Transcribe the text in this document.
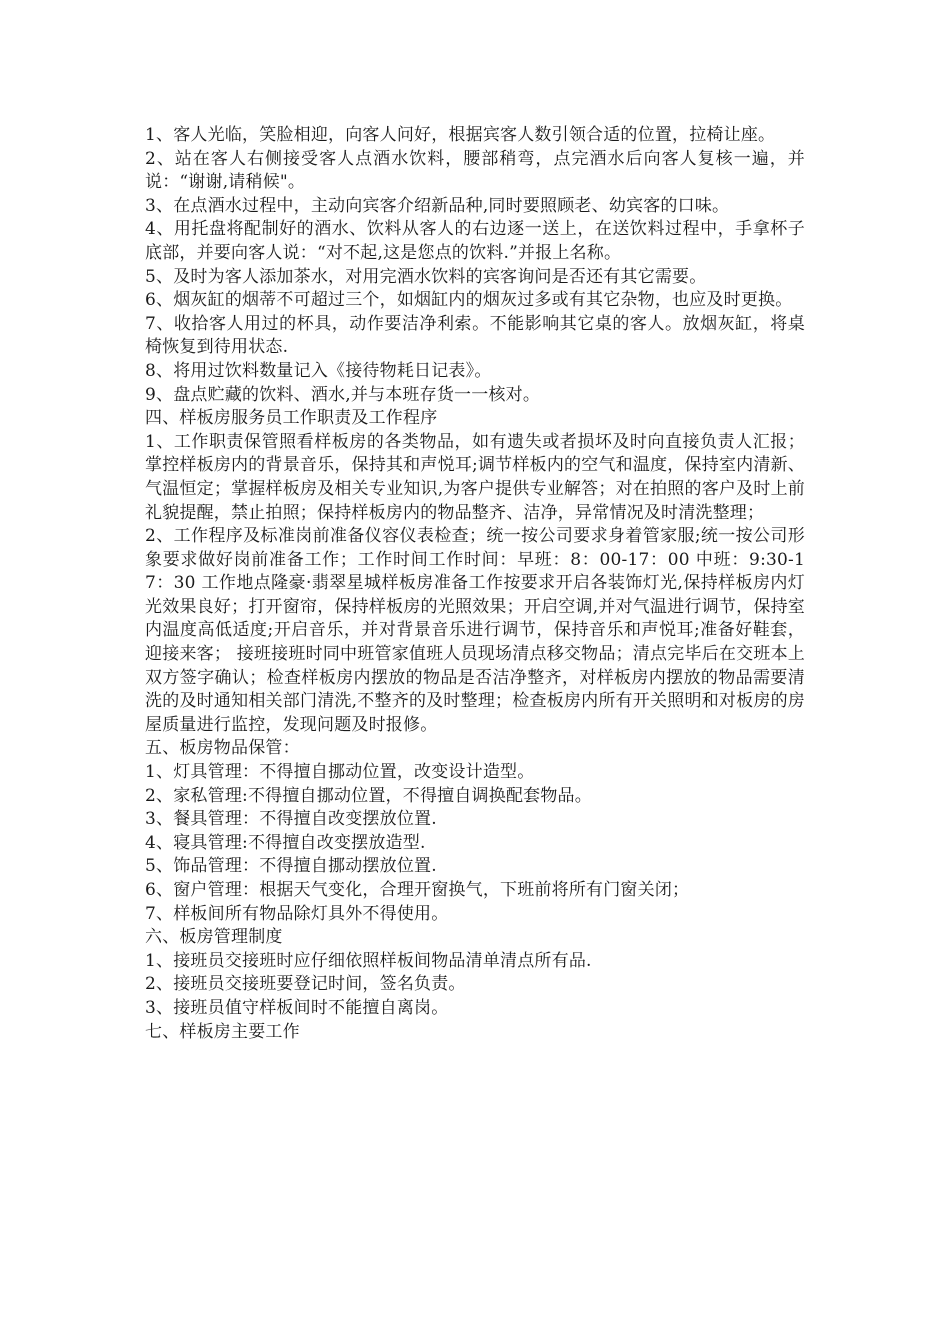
1、客人光临，笑脸相迎，向客人问好，根据宾客人数引领合适的位置，拉椅让座。

2、站在客人右侧接受客人点酒水饮料，腰部稍弯，点完酒水后向客人复核一遍，并说：“谢谢,请稍候"。

3、在点酒水过程中，主动向宾客介绍新品种,同时要照顾老、幼宾客的口味。

4、用托盘将配制好的酒水、饮料从客人的右边逐一送上，在送饮料过程中，手拿杯子底部，并要向客人说：“对不起,这是您点的饮料.”并报上名称。

5、及时为客人添加茶水，对用完酒水饮料的宾客询问是否还有其它需要。

6、烟灰缸的烟蒂不可超过三个，如烟缸内的烟灰过多或有其它杂物，也应及时更换。

7、收拾客人用过的杯具，动作要洁净利索。不能影响其它桌的客人。放烟灰缸，将桌椅恢复到待用状态.

8、将用过饮料数量记入《接待物耗日记表》。

9、盘点贮藏的饮料、酒水,并与本班存货一一核对。

四、样板房服务员工作职责及工作程序

1、工作职责保管照看样板房的各类物品，如有遗失或者损坏及时向直接负责人汇报；掌控样板房内的背景音乐，保持其和声悦耳;调节样板内的空气和温度，保持室内清新、气温恒定；掌握样板房及相关专业知识,为客户提供专业解答；对在拍照的客户及时上前礼貌提醒，禁止拍照；保持样板房内的物品整齐、洁净，异常情况及时清洗整理；

2、工作程序及标准岗前准备仪容仪表检查；统一按公司要求身着管家服;统一按公司形象要求做好岗前准备工作；工作时间工作时间：早班：8：00-17：00 中班：9:30-17：30 工作地点隆豪·翡翠星城样板房准备工作按要求开启各装饰灯光,保持样板房内灯光效果良好；打开窗帘，保持样板房的光照效果；开启空调,并对气温进行调节，保持室内温度高低适度;开启音乐，并对背景音乐进行调节，保持音乐和声悦耳;准备好鞋套，迎接来客； 接班接班时同中班管家值班人员现场清点移交物品；清点完毕后在交班本上双方签字确认；检查样板房内摆放的物品是否洁净整齐，对样板房内摆放的物品需要清洗的及时通知相关部门清洗,不整齐的及时整理；检查板房内所有开关照明和对板房的房屋质量进行监控，发现问题及时报修。

五、板房物品保管：

1、灯具管理：不得擅自挪动位置，改变设计造型。

2、家私管理:不得擅自挪动位置，不得擅自调换配套物品。

3、餐具管理：不得擅自改变摆放位置.

4、寝具管理:不得擅自改变摆放造型.

5、饰品管理：不得擅自挪动摆放位置.

6、窗户管理：根据天气变化，合理开窗换气，下班前将所有门窗关闭；

7、样板间所有物品除灯具外不得使用。

六、板房管理制度

1、接班员交接班时应仔细依照样板间物品清单清点所有品.

2、接班员交接班要登记时间，签名负责。

3、接班员值守样板间时不能擅自离岗。

七、样板房主要工作
